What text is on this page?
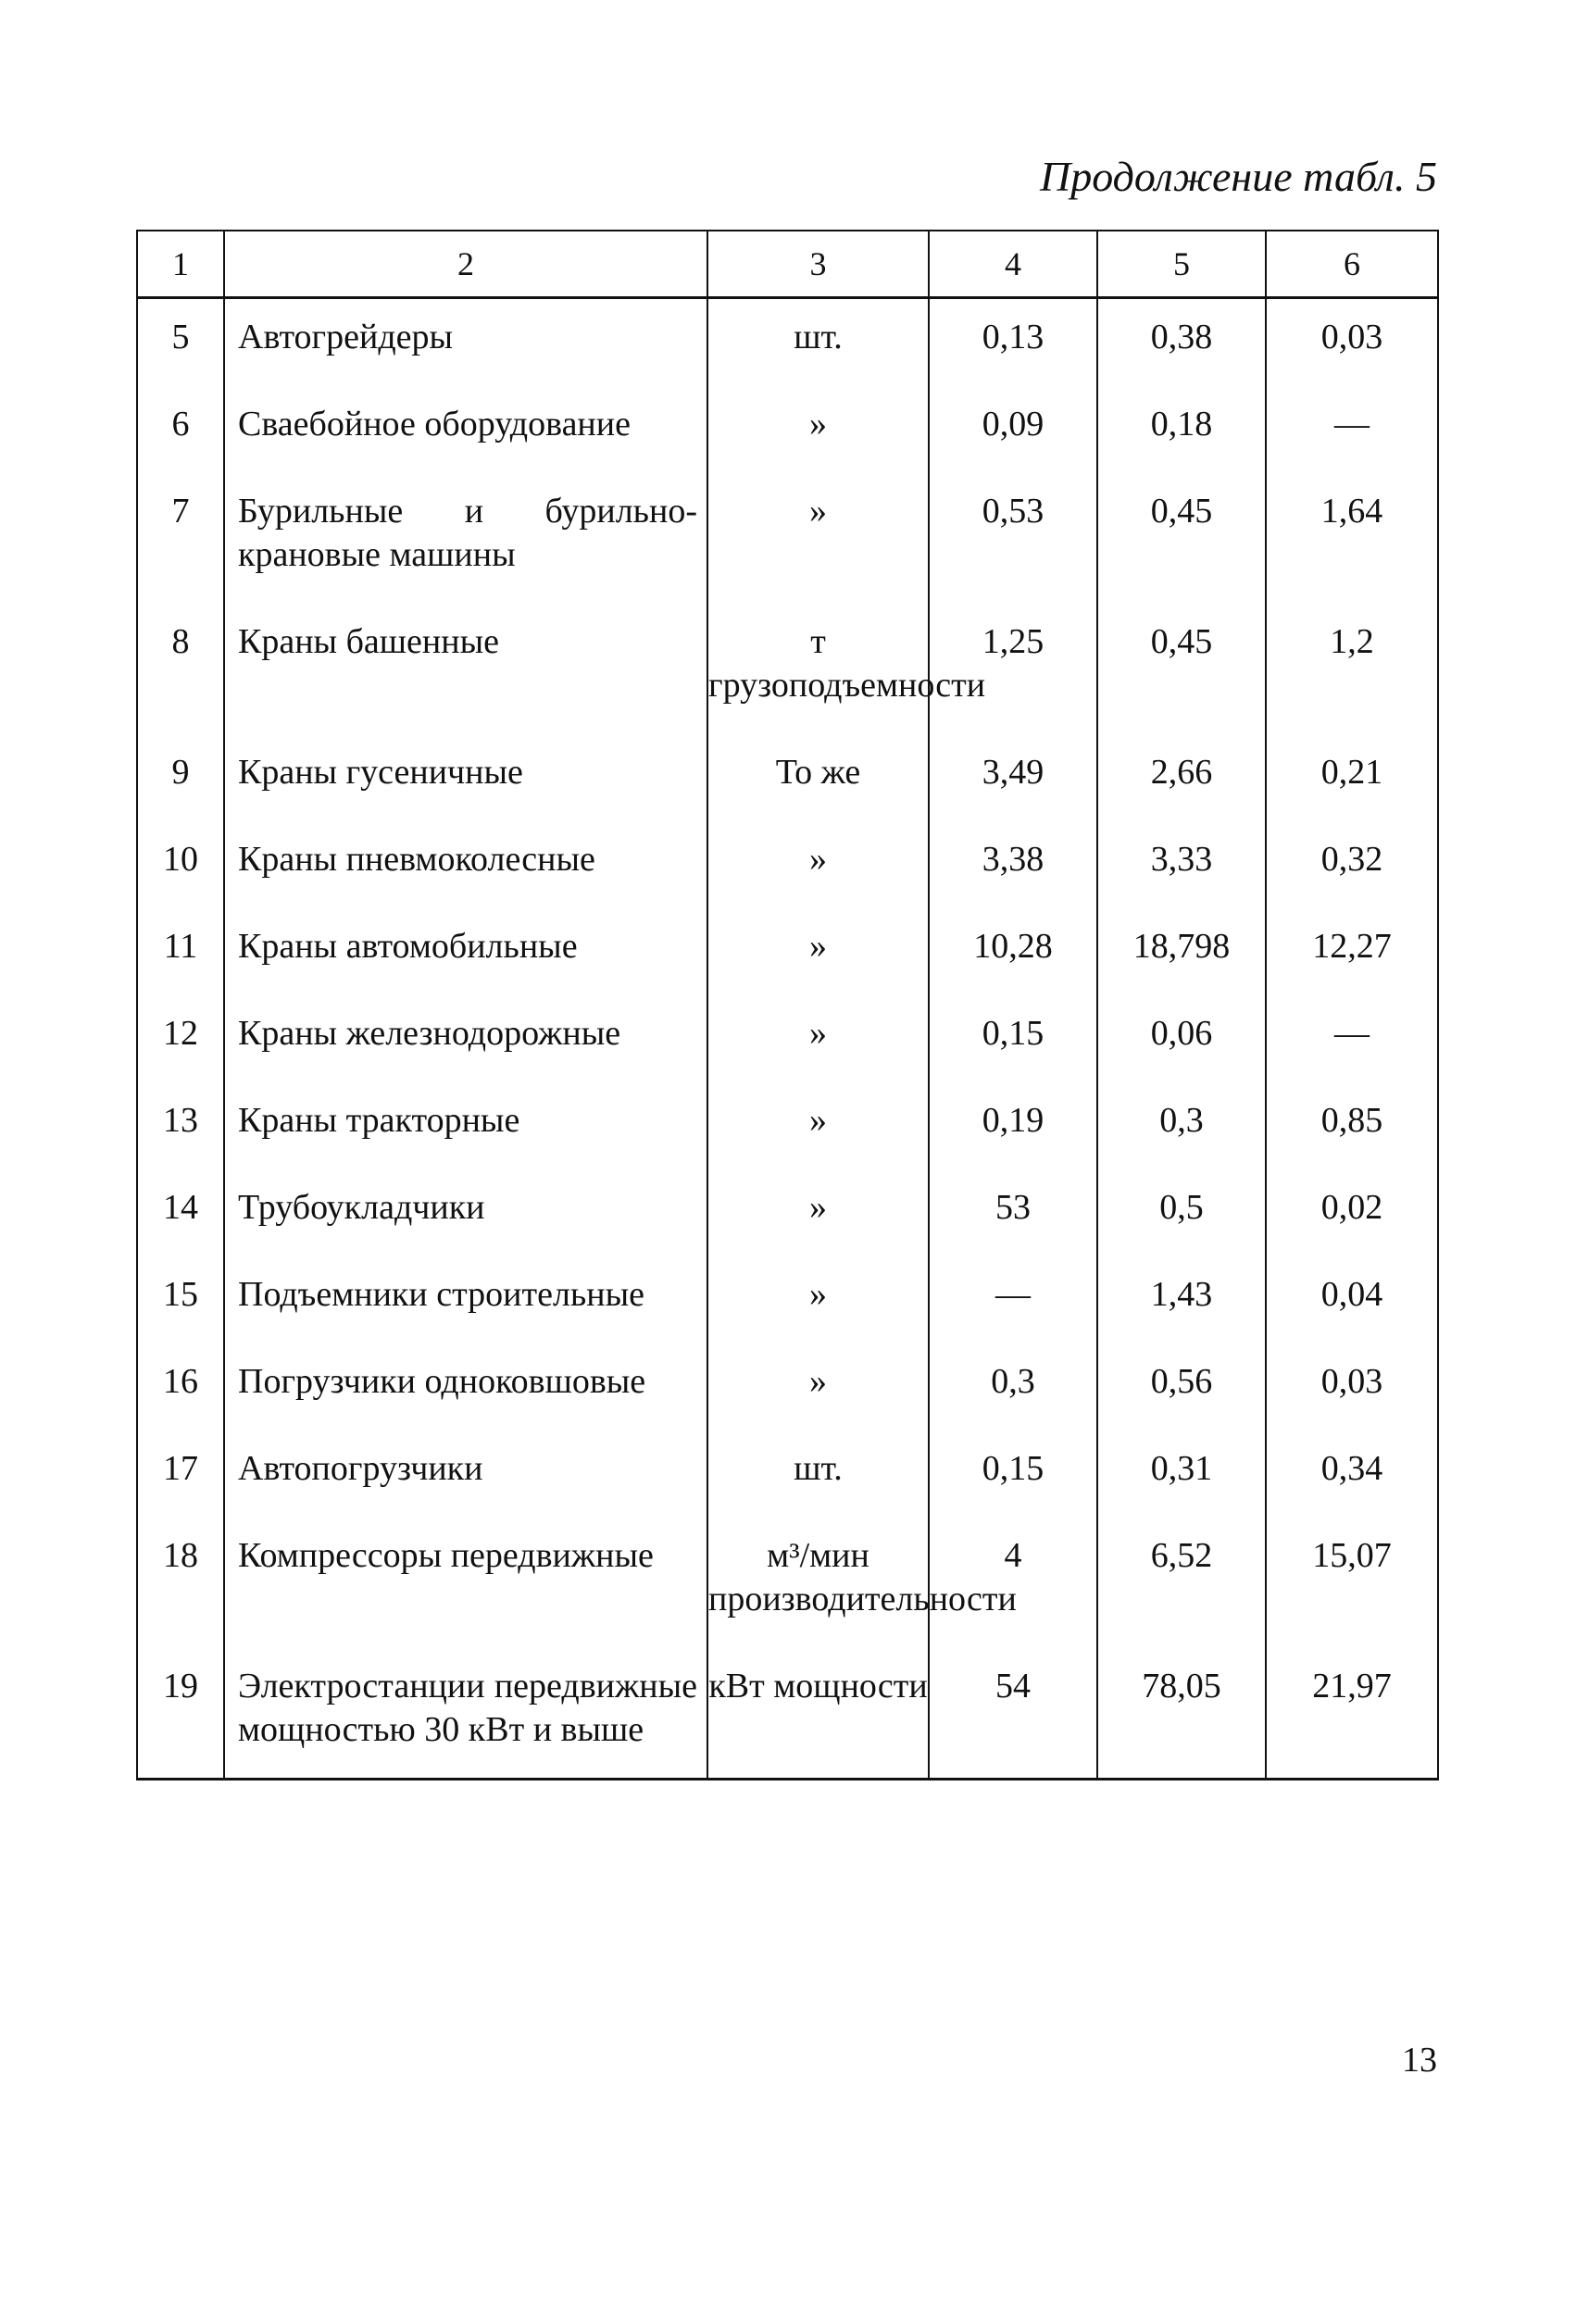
Продолжение табл. 5
1	2	3	4	5	6
5	Автогрейдеры	шт.	0,13	0,38	0,03
6	Сваебойное оборудование	»	0,09	0,18	—
7	Бурильные и бурильно-крановые машины	»	0,53	0,45	1,64
8	Краны башенные	т грузоподъемности	1,25	0,45	1,2
9	Краны гусеничные	То же	3,49	2,66	0,21
10	Краны пневмоколесные	»	3,38	3,33	0,32
11	Краны автомобильные	»	10,28	18,798	12,27
12	Краны железнодорожные	»	0,15	0,06	—
13	Краны тракторные	»	0,19	0,3	0,85
14	Трубоукладчики	»	53	0,5	0,02
15	Подъемники строительные	»	—	1,43	0,04
16	Погрузчики одноковшовые	»	0,3	0,56	0,03
17	Автопогрузчики	шт.	0,15	0,31	0,34
18	Компрессоры передвижные	м³/мин производительности	4	6,52	15,07
19	Электростанции передвижные мощностью 30 кВт и выше	кВт мощности	54	78,05	21,97
13
